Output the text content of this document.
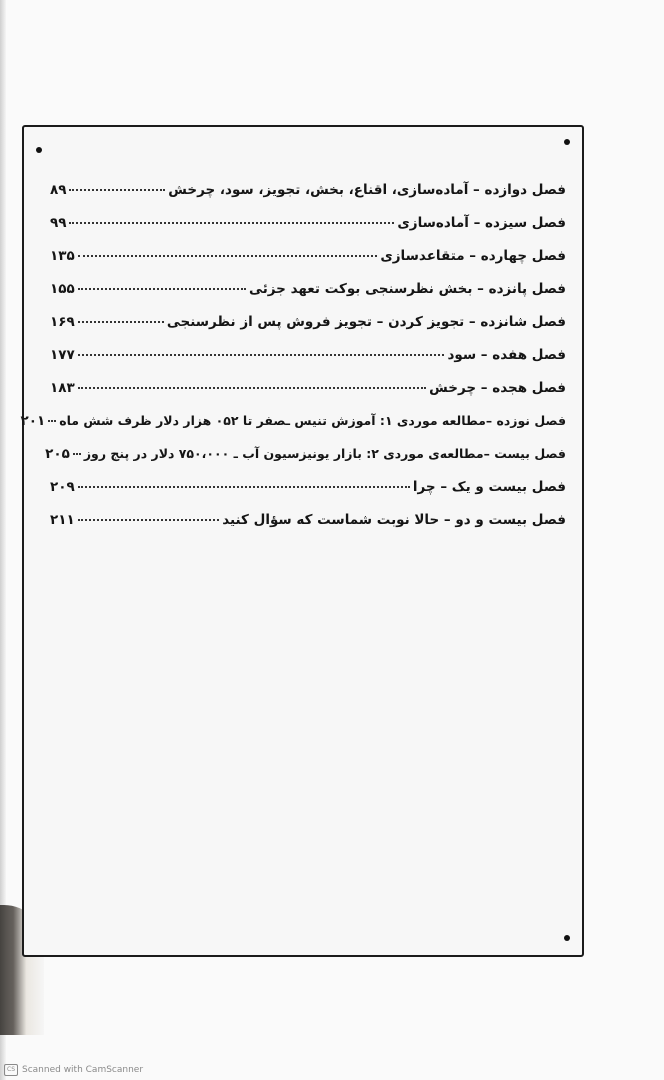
فصل دوازده – آماده‌سازی، اقناع، بخش، تجویز، سود، چرخش
۸۹
فصل سیزده – آماده‌سازی
۹۹
فصل چهارده – متقاعدسازی
۱۳۵
فصل پانزده – بخش نظرسنجی بوکت تعهد جزئی
۱۵۵
فصل شانزده – تجویز کردن – تجویز فروش پس از نظرسنجی
۱۶۹
فصل هفده – سود
۱۷۷
فصل هجده – چرخش
۱۸۳
فصل نوزده –مطالعه موردی ۱: آموزش تنیس ـصفر تا ۰۵۲ هزار دلار ظرف شش ماه
۲۰۱
فصل بیست –مطالعه‌ی موردی ۲: بازار یونیزسیون آب ـ ۷۵۰،۰۰۰ دلار در پنج روز
۲۰۵
فصل بیست و یک – چرا
۲۰۹
فصل بیست و دو – حالا نوبت شماست که سؤال کنید
۲۱۱
CS Scanned with CamScanner
